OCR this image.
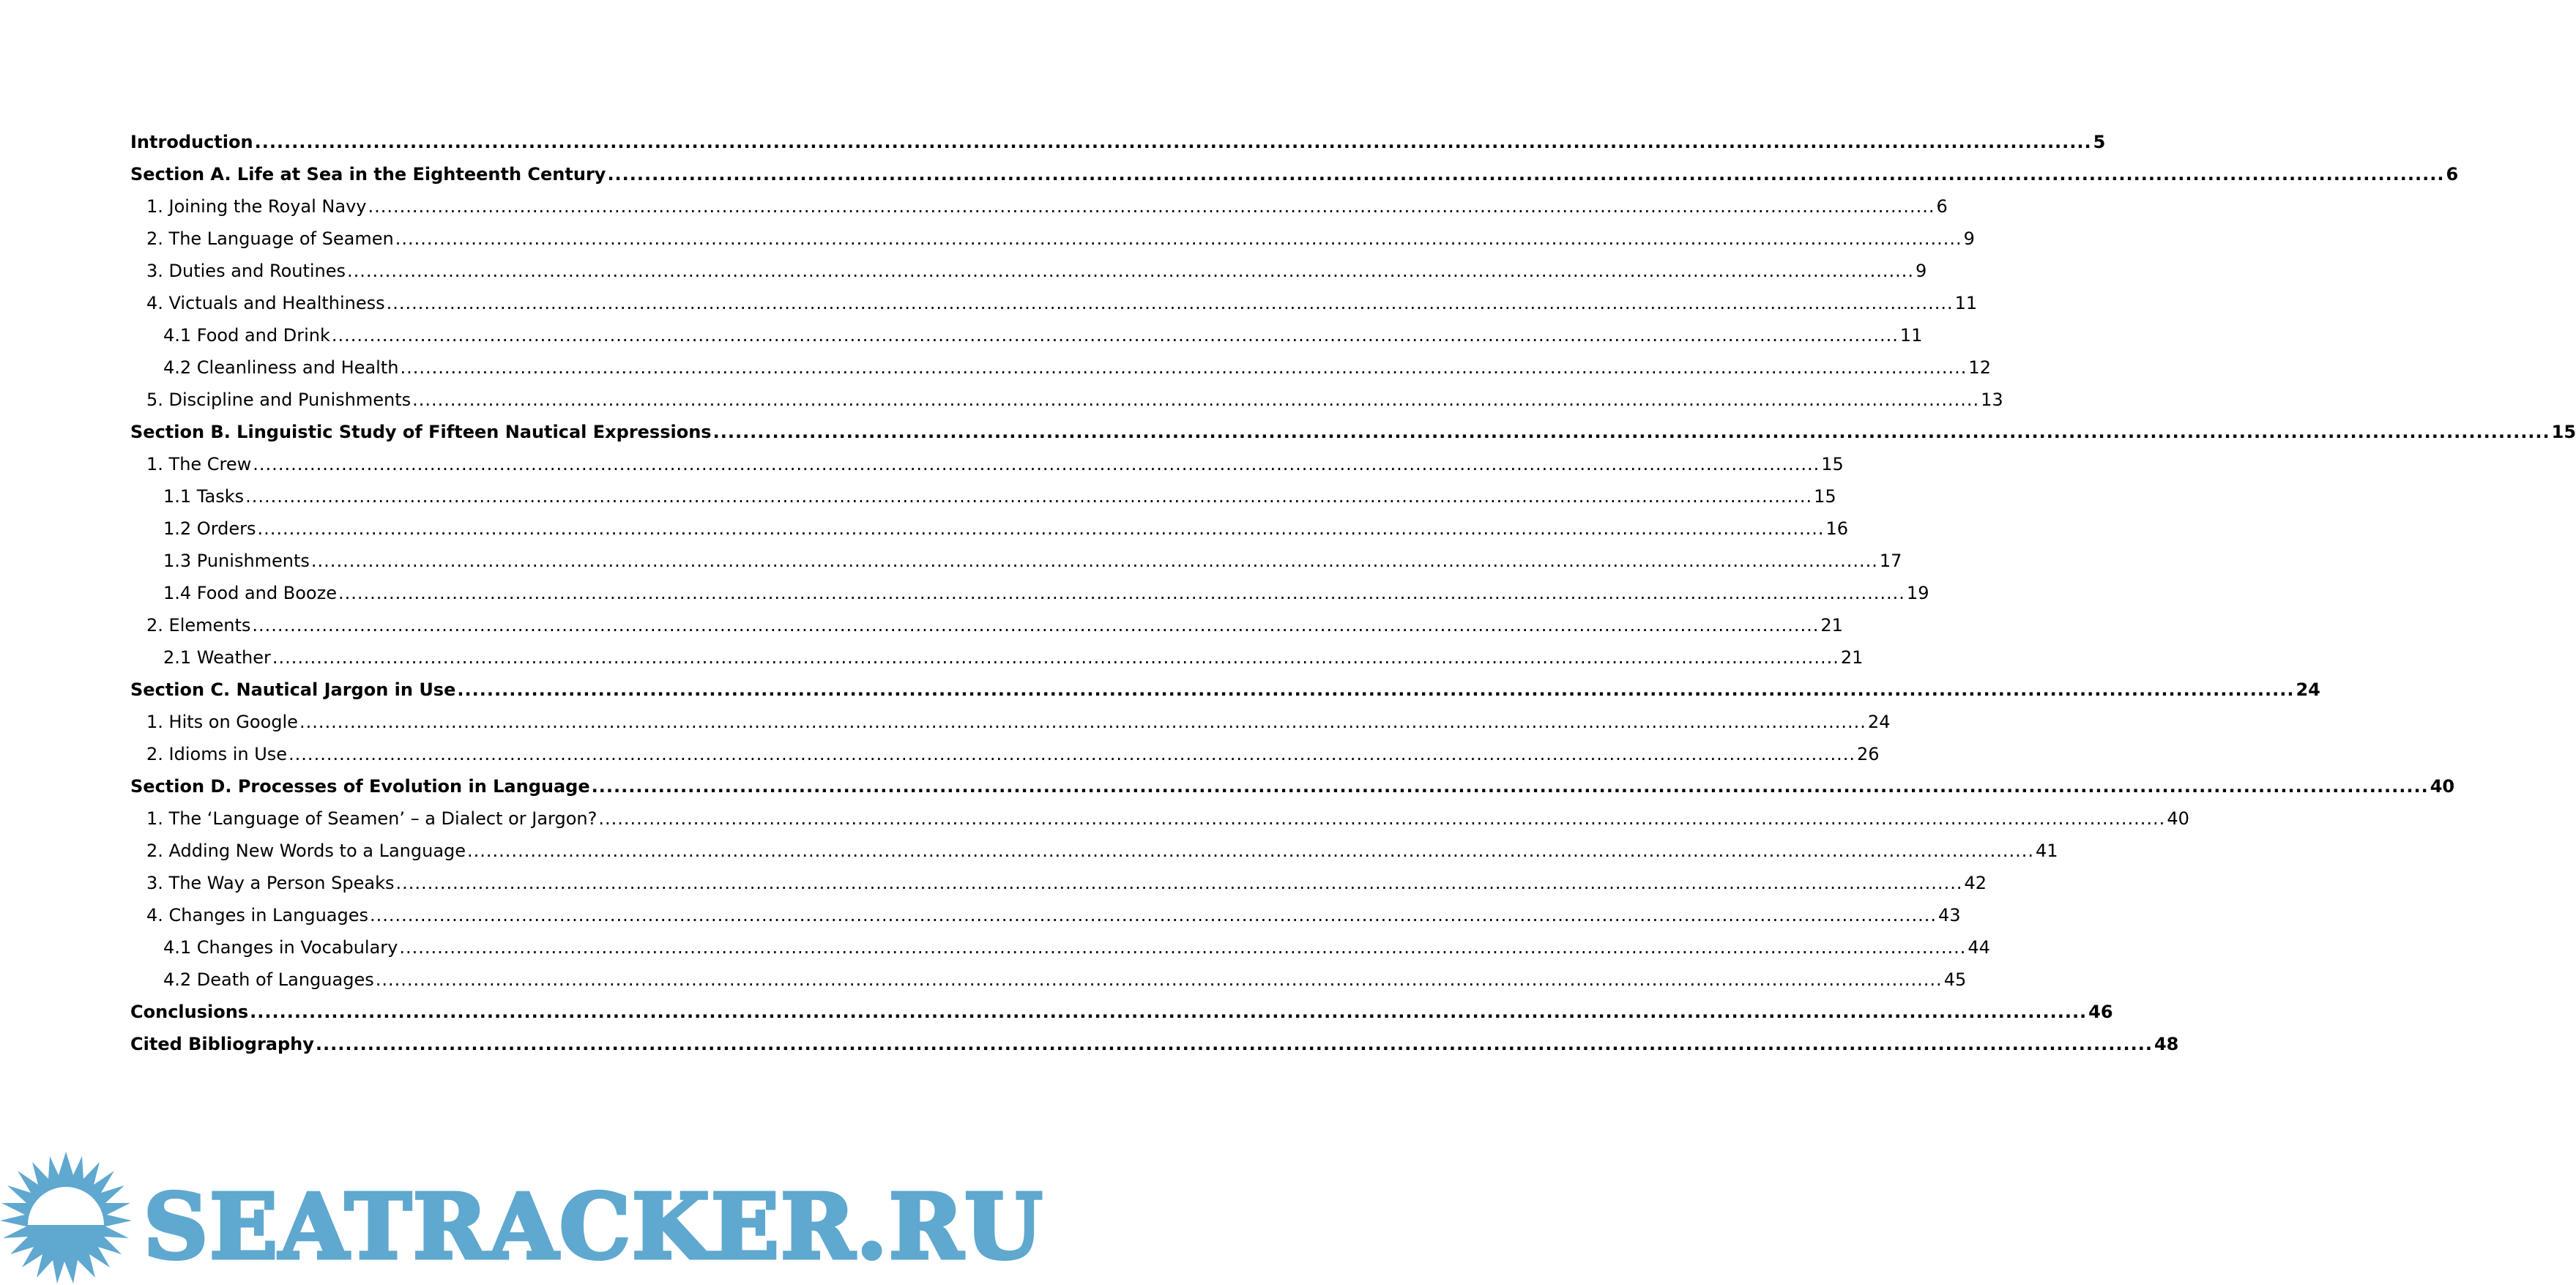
Introduction .....	5
Section A. Life at Sea in the Eighteenth Century .....	6
1. Joining the Royal Navy .....	6
2. The Language of Seamen .....	9
3. Duties and Routines .....	9
4. Victuals and Healthiness .....	11
4.1 Food and Drink .....	11
4.2 Cleanliness and Health .....	12
5. Discipline and Punishments .....	13
Section B. Linguistic Study of Fifteen Nautical Expressions .....	15
1. The Crew .....	15
1.1 Tasks .....	15
1.2 Orders .....	16
1.3 Punishments .....	17
1.4 Food and Booze .....	19
2. Elements .....	21
2.1 Weather .....	21
Section C. Nautical Jargon in Use .....	24
1. Hits on Google .....	24
2. Idioms in Use .....	26
Section D. Processes of Evolution in Language .....	40
1. The ‘Language of Seamen’ – a Dialect or Jargon? .....	40
2. Adding New Words to a Language .....	41
3. The Way a Person Speaks .....	42
4. Changes in Languages .....	43
4.1 Changes in Vocabulary .....	44
4.2 Death of Languages .....	45
Conclusions .....	46
Cited Bibliography .....	48
SEATRACKER.RU
